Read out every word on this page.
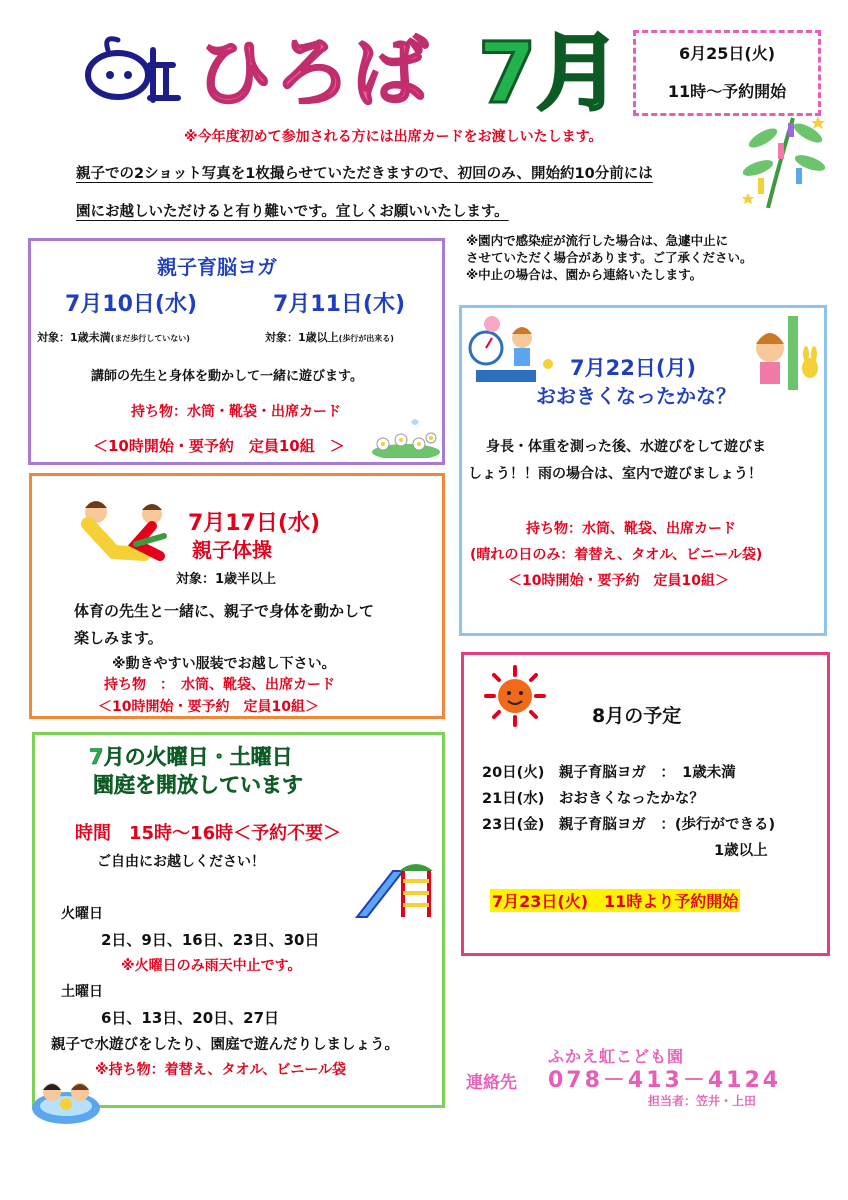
ひろば 7月	6月25日(火)
11時～予約開始
※今年度初めて参加される方には出席カードをお渡しいたします。
親子での2ショット写真を1枚撮らせていただきますので、初回のみ、開始約10分前には
園にお越しいただけると有り難いです。宜しくお願いいたします。
※園内で感染症が流行した場合は、急遽中止に
させていただく場合があります。ご了承ください。
※中止の場合は、園から連絡いたします。
親子育脳ヨガ
7月10日(水)	7月11日(木)
対象：1歳未満(まだ歩行していない)	対象：1歳以上(歩行が出来る)
講師の先生と身体を動かして一緒に遊びます。
持ち物：水筒・靴袋・出席カード
＜10時開始・要予約　定員10組　＞
7月22日(月)
おおきくなったかな？
身長・体重を測った後、水遊びをして遊びま
しょう！！雨の場合は、室内で遊びましょう！
持ち物：水筒、靴袋、出席カード
(晴れの日のみ：着替え、タオル、ビニール袋)
＜10時開始・要予約　定員10組＞
7月17日(水)
親子体操
対象：1歳半以上
体育の先生と一緒に、親子で身体を動かして
楽しみます。
※動きやすい服装でお越し下さい。
持ち物　：　水筒、靴袋、出席カード
＜10時開始・要予約　定員10組＞	8月の予定
20日(火)　親子育脳ヨガ　：　1歳未満
21日(水)　おおきくなったかな？
23日(金)　親子育脳ヨガ　：(歩行ができる)
1歳以上
7月23日(火)　11時より予約開始
7月の火曜日・土曜日
園庭を開放しています
時間　15時～16時＜予約不要＞
ご自由にお越しください！
火曜日
2日、9日、16日、23日、30日
※火曜日のみ雨天中止です。
土曜日
6日、13日、20日、27日
親子で水遊びをしたり、園庭で遊んだりしましょう。
※持ち物：着替え、タオル、ビニール袋
ふかえ虹こども園
連絡先 078－413－4124
担当者：笠井・上田
